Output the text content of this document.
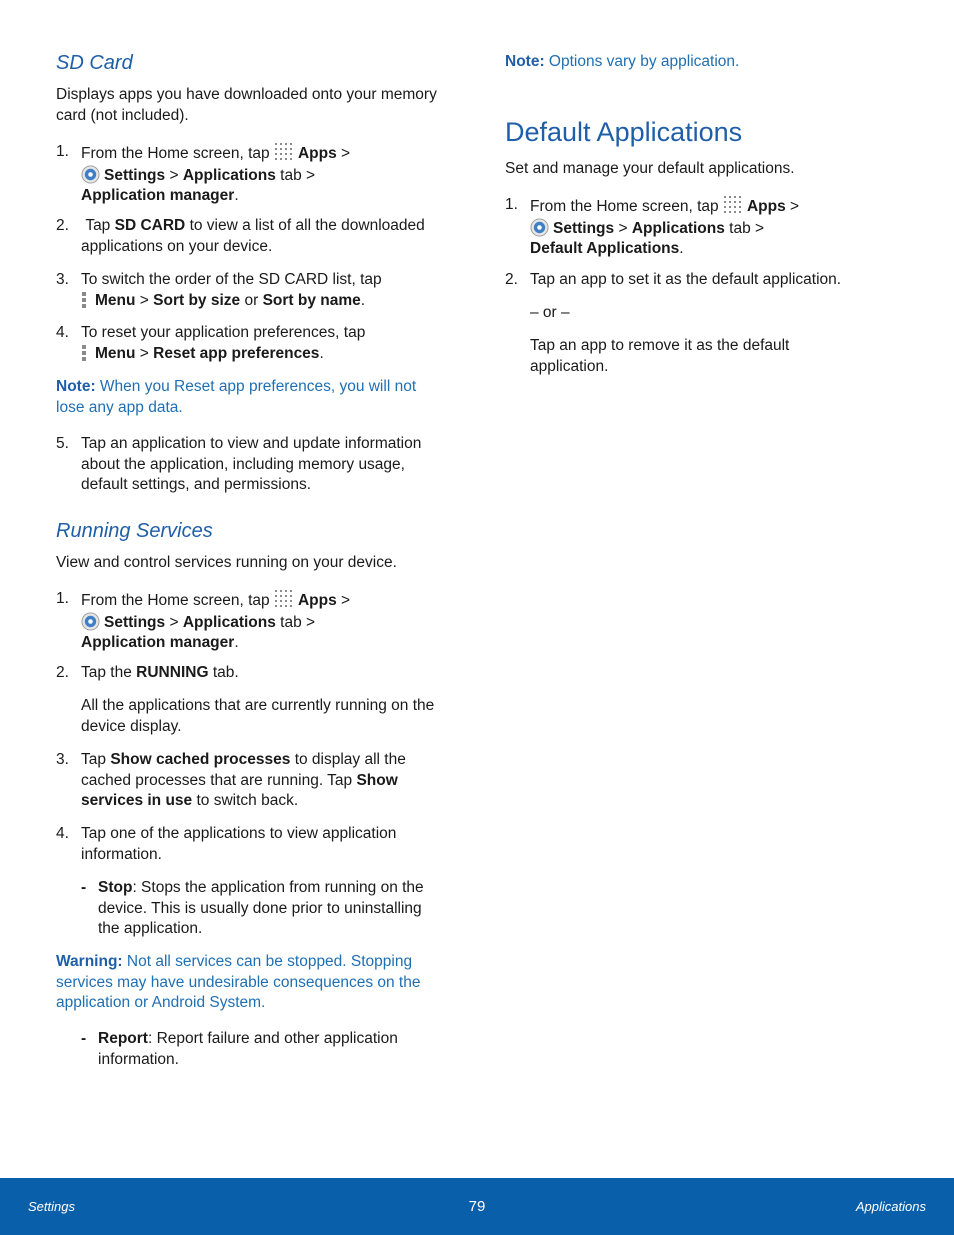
SD Card

Displays apps you have downloaded onto your memory card (not included).

1. From the Home screen, tap Apps >
Settings > Applications tab >
Application manager.
2. Tap SD CARD to view a list of all the downloaded applications on your device.
3. To switch the order of the SD CARD list, tap
Menu > Sort by size or Sort by name.
4. To reset your application preferences, tap
Menu > Reset app preferences.

Note: When you Reset app preferences, you will not lose any app data.

5. Tap an application to view and update information about the application, including memory usage, default settings, and permissions.
Running Services

View and control services running on your device.

1. From the Home screen, tap Apps >
Settings > Applications tab >
Application manager.
2. Tap the RUNNING tab.

All the applications that are currently running on the device display.

3. Tap Show cached processes to display all the cached processes that are running. Tap Show services in use to switch back.
4. Tap one of the applications to view application information.
- Stop: Stops the application from running on the device. This is usually done prior to uninstalling the application.

Warning: Not all services can be stopped. Stopping services may have undesirable consequences on the application or Android System.

- Report: Report failure and other application information.

Note: Options vary by application.

Default Applications

Set and manage your default applications.

1. From the Home screen, tap Apps >
Settings > Applications tab >
Default Applications.
2. Tap an app to set it as the default application.

– or –

Tap an app to remove it as the default application.

Settings	79	Applications
